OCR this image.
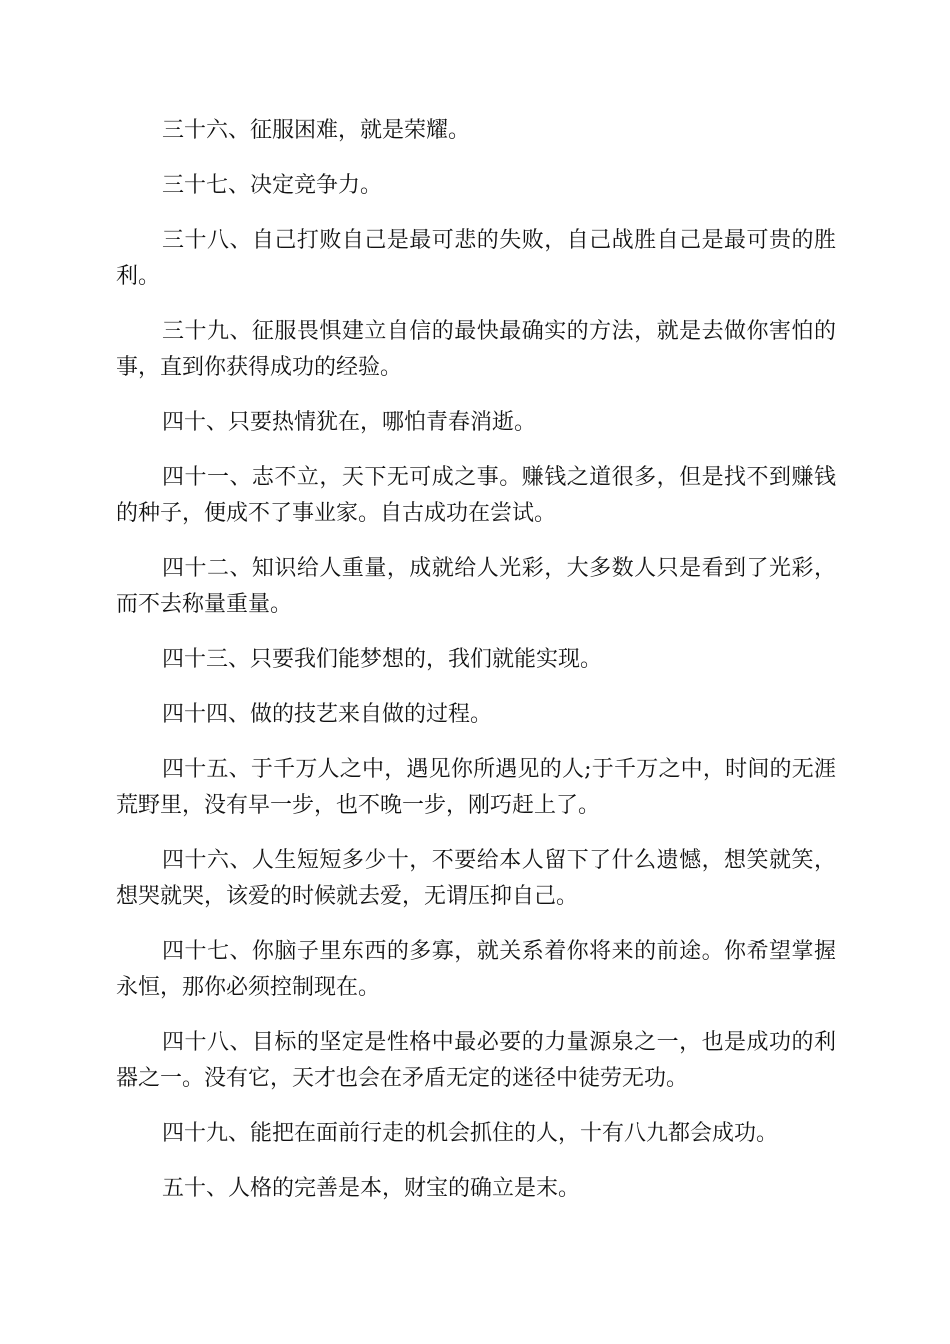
三十六、征服困难，就是荣耀。

三十七、决定竞争力。

三十八、自己打败自己是最可悲的失败，自己战胜自己是最可贵的胜利。

三十九、征服畏惧建立自信的最快最确实的方法，就是去做你害怕的事，直到你获得成功的经验。

四十、只要热情犹在，哪怕青春消逝。

四十一、志不立，天下无可成之事。赚钱之道很多，但是找不到赚钱的种子，便成不了事业家。自古成功在尝试。

四十二、知识给人重量，成就给人光彩，大多数人只是看到了光彩，而不去称量重量。

四十三、只要我们能梦想的，我们就能实现。

四十四、做的技艺来自做的过程。

四十五、于千万人之中，遇见你所遇见的人;于千万之中，时间的无涯荒野里，没有早一步，也不晚一步，刚巧赶上了。

四十六、人生短短多少十，不要给本人留下了什么遗憾，想笑就笑，想哭就哭，该爱的时候就去爱，无谓压抑自己。

四十七、你脑子里东西的多寡，就关系着你将来的前途。你希望掌握永恒，那你必须控制现在。

四十八、目标的坚定是性格中最必要的力量源泉之一，也是成功的利器之一。没有它，天才也会在矛盾无定的迷径中徒劳无功。

四十九、能把在面前行走的机会抓住的人，十有八九都会成功。

五十、人格的完善是本，财宝的确立是末。
